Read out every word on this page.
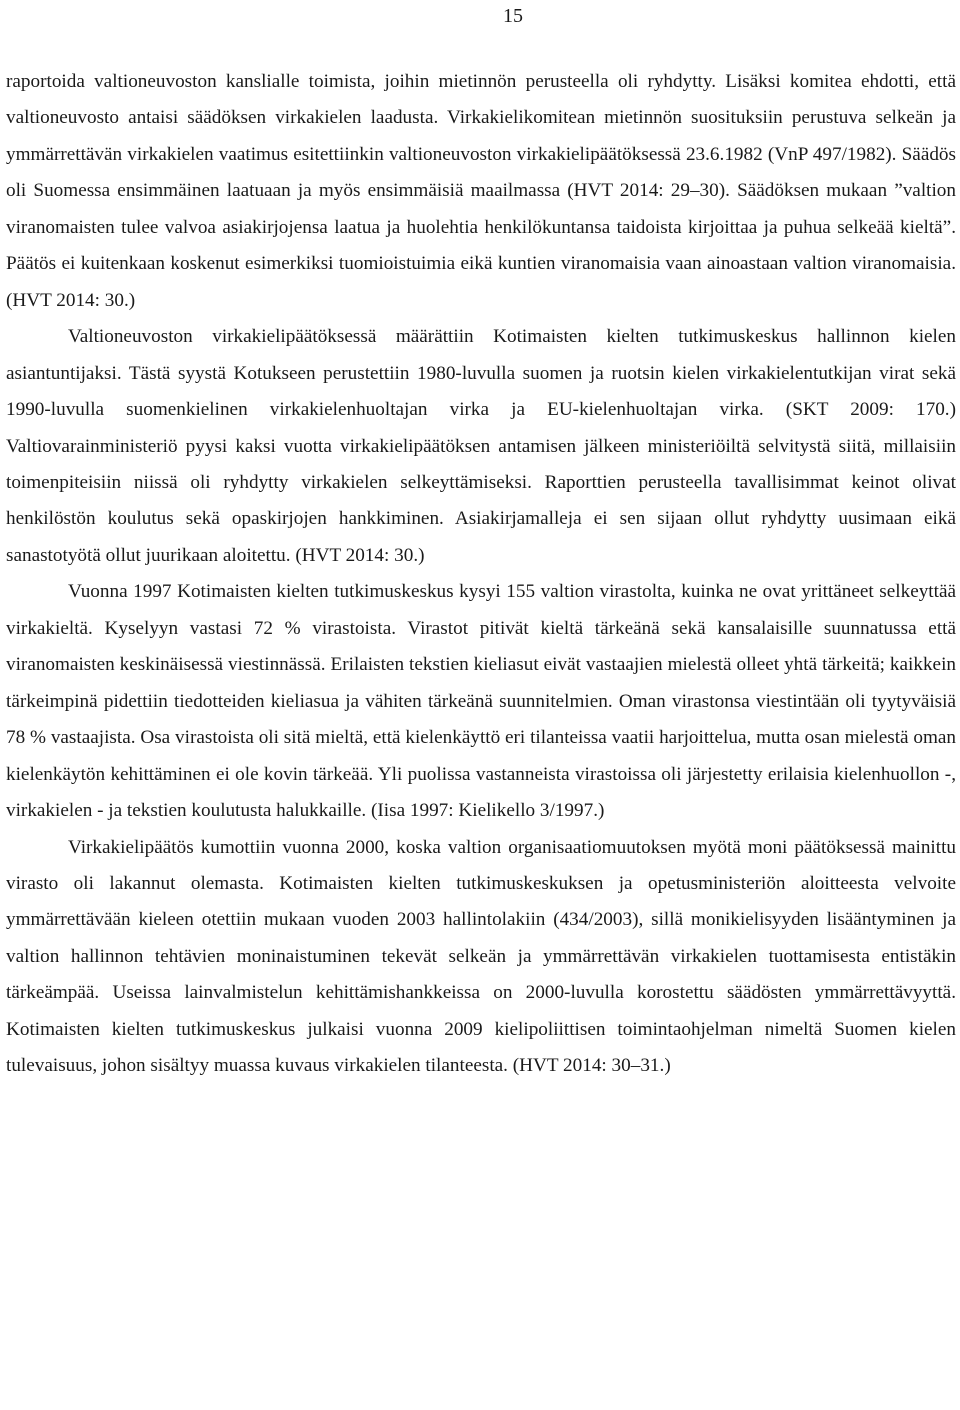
15

raportoida valtioneuvoston kanslialle toimista, joihin mietinnön perusteella oli ryhdytty. Lisäksi komitea ehdotti, että valtioneuvosto antaisi säädöksen virkakielen laadusta. Virkakielikomitean mietinnön suosituksiin perustuva selkeän ja ymmärrettävän virkakielen vaatimus esitettiinkin valtioneuvoston virkakielipäätöksessä 23.6.1982 (VnP 497/1982). Säädös oli Suomessa ensimmäinen laatuaan ja myös ensimmäisiä maailmassa (HVT 2014: 29–30). Säädöksen mukaan ”valtion viranomaisten tulee valvoa asiakirjojensa laatua ja huolehtia henkilökuntansa taidoista kirjoittaa ja puhua selkeää kieltä”. Päätös ei kuitenkaan koskenut esimerkiksi tuomioistuimia eikä kuntien viranomaisia vaan ainoastaan valtion viranomaisia. (HVT 2014: 30.)

Valtioneuvoston virkakielipäätöksessä määrättiin Kotimaisten kielten tutkimuskeskus hallinnon kielen asiantuntijaksi. Tästä syystä Kotukseen perustettiin 1980-luvulla suomen ja ruotsin kielen virkakielentutkijan virat sekä 1990-luvulla suomenkielinen virkakielenhuoltajan virka ja EU-kielenhuoltajan virka. (SKT 2009: 170.) Valtiovarainministeriö pyysi kaksi vuotta virkakielipäätöksen antamisen jälkeen ministeriöiltä selvitystä siitä, millaisiin toimenpiteisiin niissä oli ryhdytty virkakielen selkeyttämiseksi. Raporttien perusteella tavallisimmat keinot olivat henkilöstön koulutus sekä opaskirjojen hankkiminen. Asiakirjamalleja ei sen sijaan ollut ryhdytty uusimaan eikä sanastotyötä ollut juurikaan aloitettu. (HVT 2014: 30.)

Vuonna 1997 Kotimaisten kielten tutkimuskeskus kysyi 155 valtion virastolta, kuinka ne ovat yrittäneet selkeyttää virkakieltä. Kyselyyn vastasi 72 % virastoista. Virastot pitivät kieltä tärkeänä sekä kansalaisille suunnatussa että viranomaisten keskinäisessä viestinnässä. Erilaisten tekstien kieliasut eivät vastaajien mielestä olleet yhtä tärkeitä; kaikkein tärkeimpinä pidettiin tiedotteiden kieliasua ja vähiten tärkeänä suunnitelmien. Oman virastonsa viestintään oli tyytyväisiä 78 % vastaajista. Osa virastoista oli sitä mieltä, että kielenkäyttö eri tilanteissa vaatii harjoittelua, mutta osan mielestä oman kielenkäytön kehittäminen ei ole kovin tärkeää. Yli puolissa vastanneista virastoissa oli järjestetty erilaisia kielenhuollon -, virkakielen - ja tekstien koulutusta halukkaille. (Iisa 1997: Kielikello 3/1997.)

Virkakielipäätös kumottiin vuonna 2000, koska valtion organisaatiomuutoksen myötä moni päätöksessä mainittu virasto oli lakannut olemasta. Kotimaisten kielten tutkimuskeskuksen ja opetusministeriön aloitteesta velvoite ymmärrettävään kieleen otettiin mukaan vuoden 2003 hallintolakiin (434/2003), sillä monikielisyyden lisääntyminen ja valtion hallinnon tehtävien moninaistuminen tekevät selkeän ja ymmärrettävän virkakielen tuottamisesta entistäkin tärkeämpää. Useissa lainvalmistelun kehittämishankkeissa on 2000-luvulla korostettu säädösten ymmärrettävyyttä. Kotimaisten kielten tutkimuskeskus julkaisi vuonna 2009 kielipoliittisen toimintaohjelman nimeltä Suomen kielen tulevaisuus, johon sisältyy muassa kuvaus virkakielen tilanteesta. (HVT 2014: 30–31.)
